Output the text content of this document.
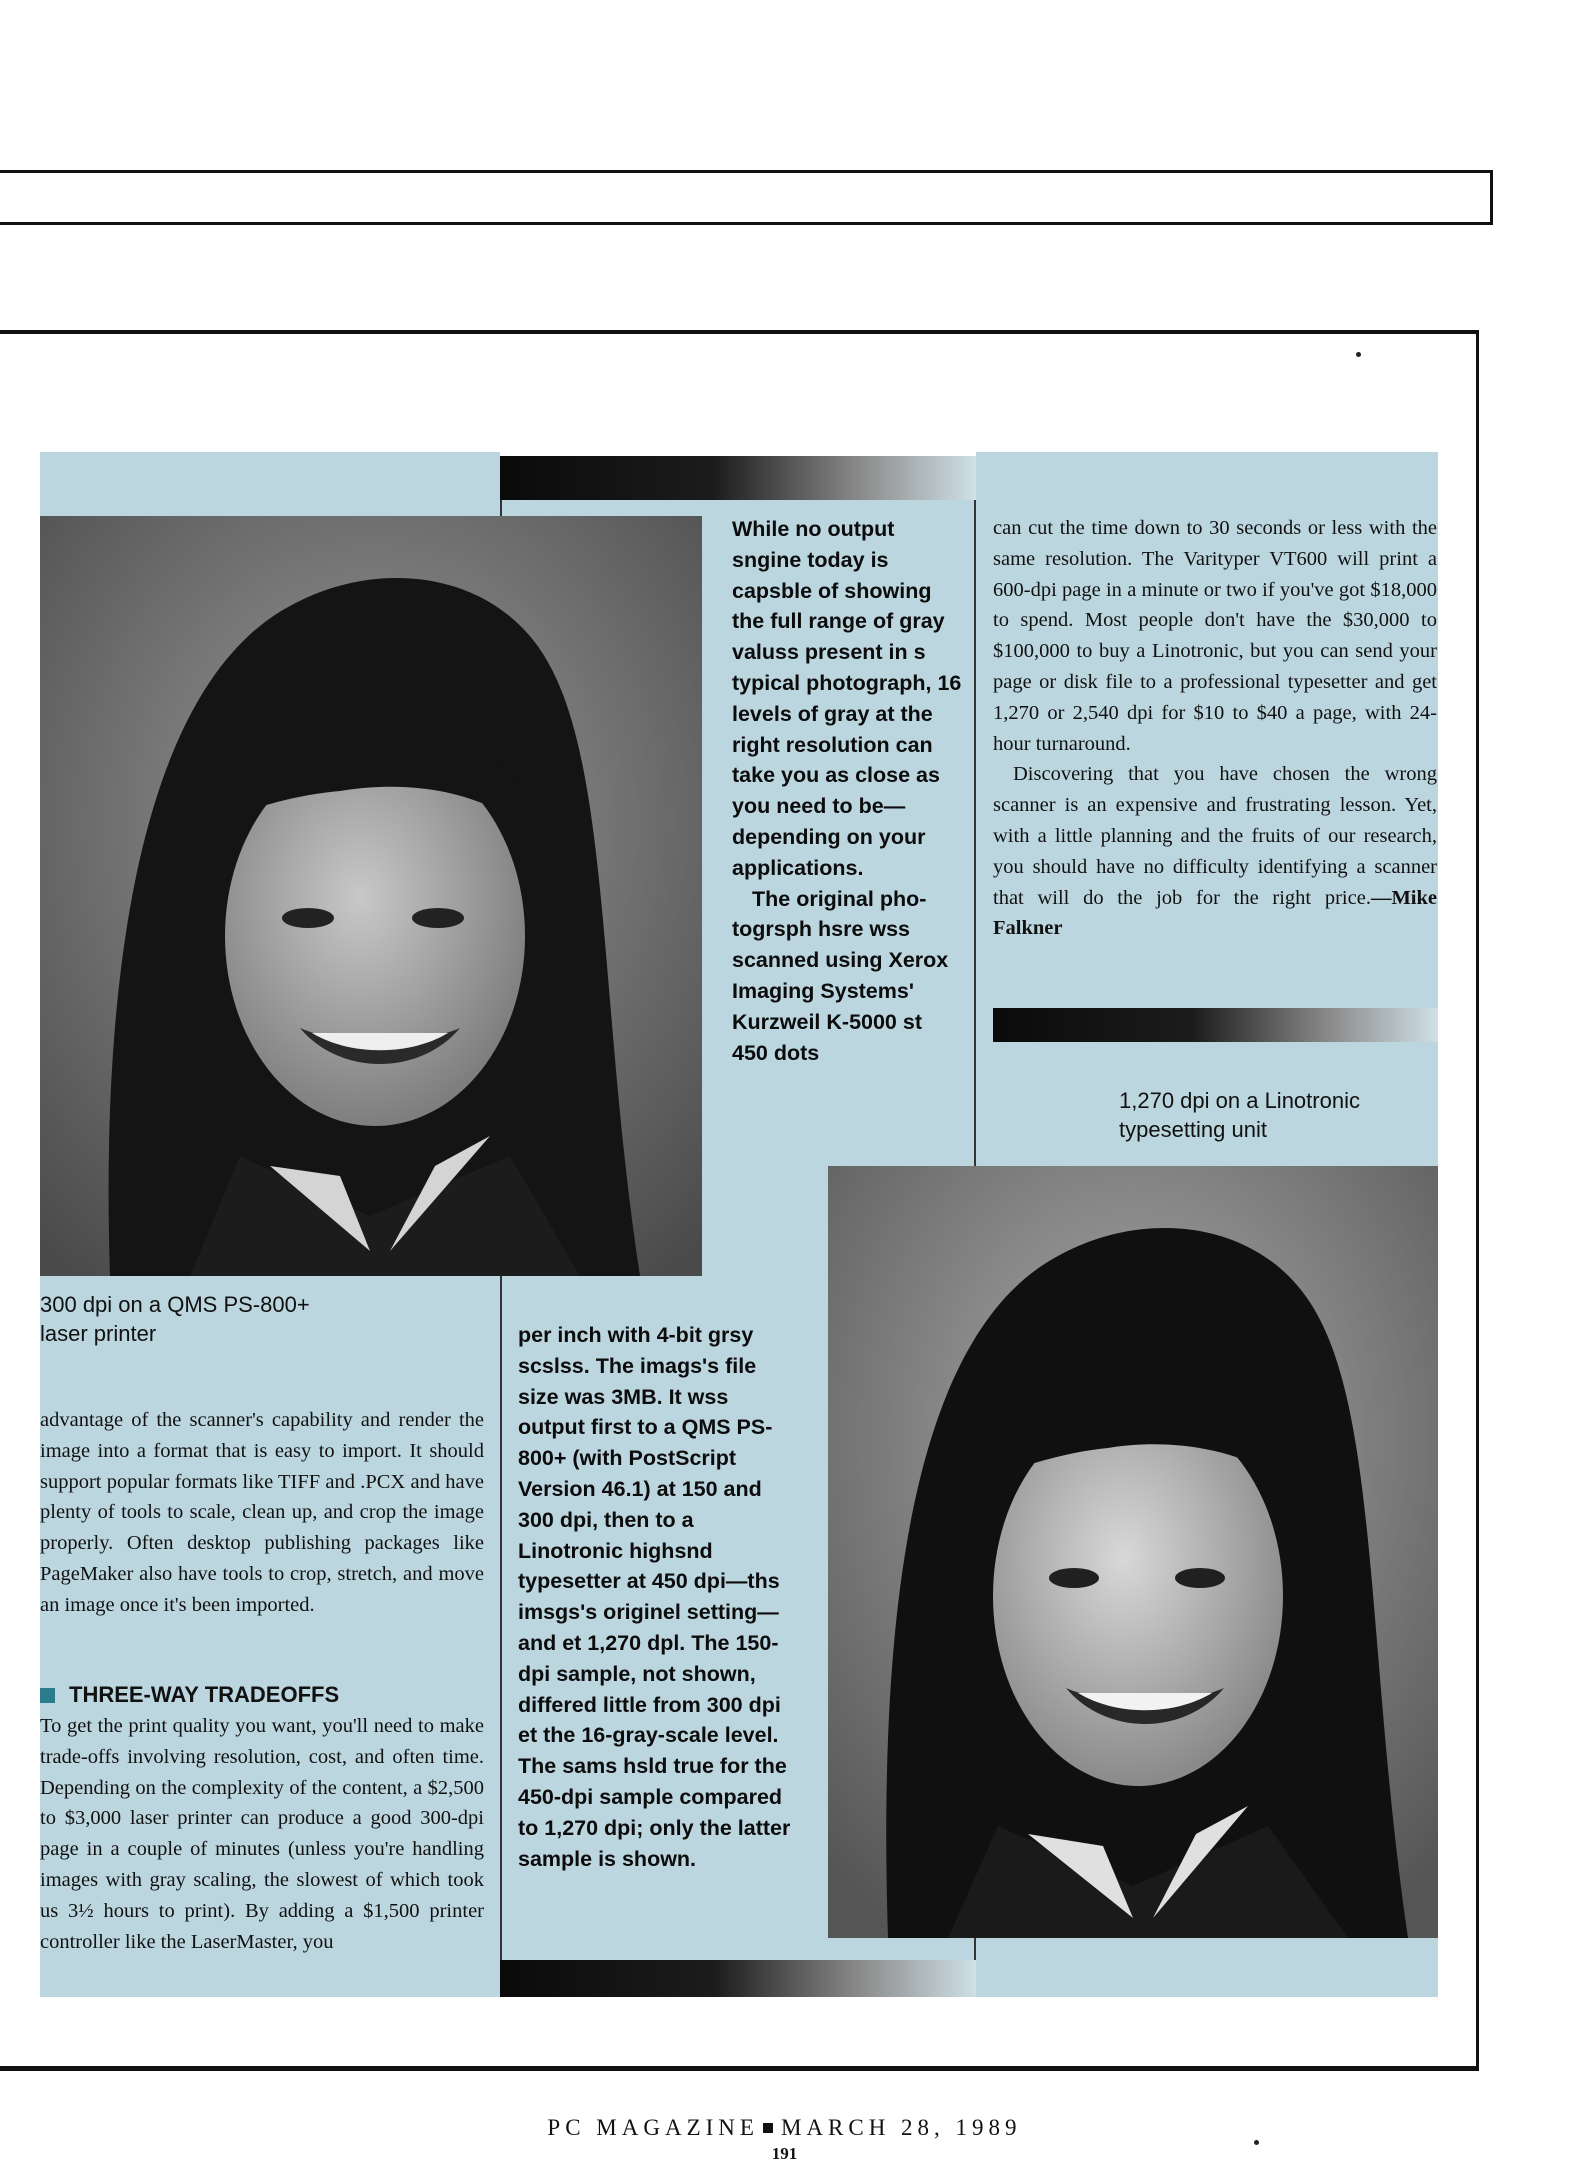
300 dpi on a QMS PS-800+ laser printer
1,270 dpi on a Linotronic typesetting unit

While no output sngine today is capsble of showing the full range of gray valuss present in s typical photograph, 16 levels of gray at the right resolution can take you as close as you need to be—depending on your applications.

The original photogrsph hsre wss scanned using Xerox Imaging Systems' Kurzweil K-5000 st 450 dots

per inch with 4-bit grsy scslss. The imags's file size was 3MB. It wss output first to a QMS PS-800+ (with PostScript Version 46.1) at 150 and 300 dpi, then to a Linotronic highsnd typesetter at 450 dpi—ths imsgs's originel setting—and et 1,270 dpl. The 150-dpi sample, not shown, differed little from 300 dpi et the 16-gray-scale level. The sams hsld true for the 450-dpi sample compared to 1,270 dpi; only the latter sample is shown.

advantage of the scanner's capability and render the image into a format that is easy to import. It should support popular formats like TIFF and .PCX and have plenty of tools to scale, clean up, and crop the image properly. Often desktop publishing packages like PageMaker also have tools to crop, stretch, and move an image once it's been imported.

THREE-WAY TRADEOFFS

To get the print quality you want, you'll need to make trade-offs involving resolution, cost, and often time. Depending on the complexity of the content, a $2,500 to $3,000 laser printer can produce a good 300-dpi page in a couple of minutes (unless you're handling images with gray scaling, the slowest of which took us 3½ hours to print). By adding a $1,500 printer controller like the LaserMaster, you

can cut the time down to 30 seconds or less with the same resolution. The Varityper VT600 will print a 600-dpi page in a minute or two if you've got $18,000 to spend. Most people don't have the $30,000 to $100,000 to buy a Linotronic, but you can send your page or disk file to a professional typesetter and get 1,270 or 2,540 dpi for $10 to $40 a page, with 24-hour turnaround.

Discovering that you have chosen the wrong scanner is an expensive and frustrating lesson. Yet, with a little planning and the fruits of our research, you should have no difficulty identifying a scanner that will do the job for the right price.—Mike Falkner

PC MAGAZINE MARCH 28, 1989
191
